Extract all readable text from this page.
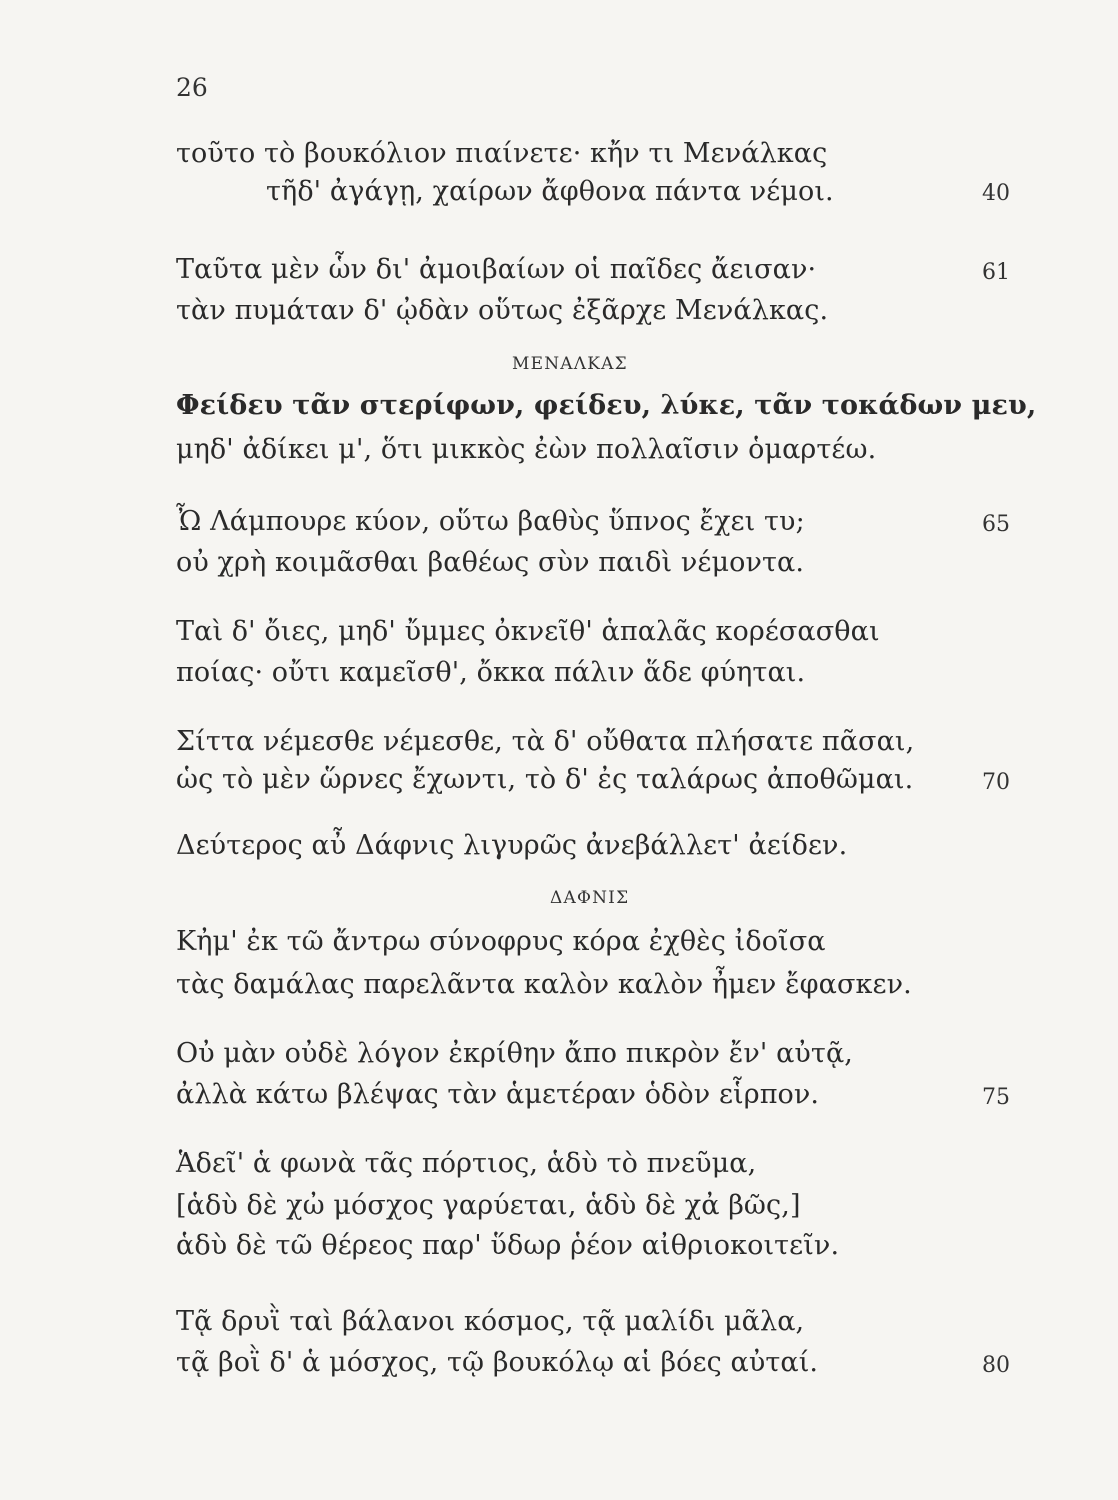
26
τοῦτο τὸ βουκόλιον πιαίνετε· κἤν τι Μενάλκας
τῆδ' ἀγάγῃ, χαίρων ἄφθονα πάντα νέμοι.	40
Ταῦτα μὲν ὧν δι' ἀμοιβαίων οἱ παῖδες ἄεισαν·	61
τὰν πυμάταν δ' ᾠδὰν οὕτως ἐξᾶρχε Μενάλκας.
ΜΕΝΑΛΚΑΣ
Φείδευ τᾶν στερίφων, φείδευ, λύκε, τᾶν τοκάδων μευ,
μηδ' ἀδίκει μ', ὅτι μικκὸς ἐὼν πολλαῖσιν ὁμαρτέω.
Ὦ Λάμπουρε κύον, οὕτω βαθὺς ὕπνος ἔχει τυ;	65
οὐ χρὴ κοιμᾶσθαι βαθέως σὺν παιδὶ νέμοντα.
Ταὶ δ' ὄιες, μηδ' ὔμμες ὀκνεῖθ' ἁπαλᾶς κορέσασθαι
ποίας· οὔτι καμεῖσθ', ὄκκα πάλιν ἅδε φύηται.
Σίττα νέμεσθε νέμεσθε, τὰ δ' οὔθατα πλήσατε πᾶσαι,
ὡς τὸ μὲν ὥρνες ἔχωντι, τὸ δ' ἐς ταλάρως ἀποθῶμαι.	70
Δεύτερος αὖ Δάφνις λιγυρῶς ἀνεβάλλετ' ἀείδεν.
ΔΑΦΝΙΣ
Κἠμ' ἐκ τῶ ἄντρω σύνοφρυς κόρα ἐχθὲς ἰδοῖσα
τὰς δαμάλας παρελᾶντα καλὸν καλὸν ἦμεν ἔφασκεν.
Οὐ μὰν οὐδὲ λόγον ἐκρίθην ἄπο πικρὸν ἔν' αὐτᾷ,
ἀλλὰ κάτω βλέψας τὰν ἁμετέραν ὁδὸν εἷρπον.	75
Ἁδεῖ' ἁ φωνὰ τᾶς πόρτιος, ἁδὺ τὸ πνεῦμα,
[ἁδὺ δὲ χὠ μόσχος γαρύεται, ἁδὺ δὲ χἀ βῶς,]
ἁδὺ δὲ τῶ θέρεος παρ' ὕδωρ ῥέον αἰθριοκοιτεῖν.
Τᾷ δρυῒ ταὶ βάλανοι κόσμος, τᾷ μαλίδι μᾶλα,
τᾷ βοῒ δ' ἁ μόσχος, τῷ βουκόλῳ αἱ βόες αὐταί.	80
